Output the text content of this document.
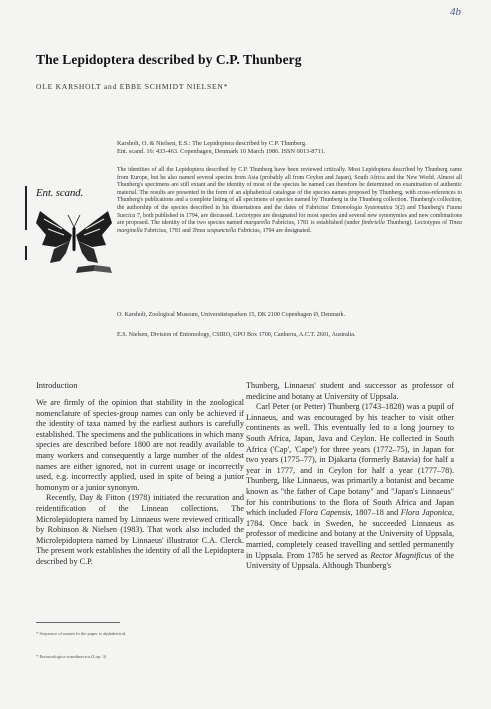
4b
The Lepidoptera described by C.P. Thunberg
OLE KARSHOLT and EBBE SCHMIDT NIELSEN*
Karsholt, O. & Nielsen, E.S.: The Lepidoptera described by C.P. Thunberg.
Ent. scand. 16: 433-463. Copenhagen, Denmark 10 March 1986. ISSN 0013-8711.
Ent. scand.
The identities of all the Lepidoptera described by C.P. Thunberg have been reviewed critically. Most Lepidoptera described by Thunberg came from Europe, but he also named several species from Asia (probably all from Ceylon and Japan), South Africa and the New World. Almost all Thunberg's specimens are still extant and the identity of most of the species he named can therefore be determined on examination of authentic material. The results are presented in the form of an alphabetical catalogue of the species names proposed by Thunberg, with cross-references to Thunberg's publications and a complete listing of all specimens of species named by Thunberg in the Thunberg collection. Thunberg's collection, the authorship of the species described in his dissertations and the dates of Fabricius' Entomologia Systematica 3(2) and Thunberg's Fauna Suecica 7, both published in 1794, are discussed. Lectotypes are designated for most species and several new synonymies and new combinations are proposed. The identity of the two species named margarella Fabricius, 1781 is established (under fimbriella Thunberg). Lectotypes of Tinea marginella Fabricius, 1781 and Tinea sexpunctella Fabricius, 1794 are designated.
O. Karsholt, Zoological Museum, Universitetsparken 15, DK 2100 Copenhagen Ø, Denmark.
E.S. Nielsen, Division of Entomology, CSIRO, GPO Box 1700, Canberra, A.C.T. 2601, Australia.
Introduction

We are firmly of the opinion that stability in the zoological nomenclature of species-group names can only be achieved if the identity of taxa named by the earliest authors is carefully established. The specimens and the publications in which many species are described before 1800 are not readily available to many workers and consequently a large number of the oldest names are either ignored, not in current usage or incorrectly used, e.g. incorrectly applied, used in spite of being a junior homonym or a junior synonym.

Recently, Day & Fitton (1978) initiated the recuration and reidentification of the Linnean collections. The Microlepidoptera named by Linnaeus were reviewed critically by Robinson & Nielsen (1983). That work also included the Microlepidoptera named by Linnaeus' illustrator C.A. Clerck. The present work establishes the identity of all the Lepidoptera described by C.P.

Thunberg, Linnaeus' student and successor as professor of medicine and botany at University of Uppsala.

Carl Peter (or Petter) Thunberg (1743–1828) was a pupil of Linnaeus, and was encouraged by his teacher to visit other continents as well. This eventually led to a long journey to South Africa, Japan, Java and Ceylon. He collected in South Africa ('Cap', 'Cape') for three years (1772–75), in Japan for two years (1775–77), in Djakarta (formerly Batavia) for half a year in 1777, and in Ceylon for half a year (1777–78). Thunberg, like Linnaeus, was primarily a botanist and became known as "the father of Cape botany" and "Japan's Linnaeus" for his contributions to the flora of South Africa and Japan which included Flora Capensis, 1807–18 and Flora Japonica, 1784. Once back in Sweden, he succeeded Linnaeus as professor of medicine and botany at the University of Uppsala, married, completely ceased travelling and settled permanently in Uppsala. From 1785 he served as Rector Magnificus of the University of Uppsala. Although Thunberg's

* Sequence of names in the paper is alphabetical.
* Entomologica scandinavica (Lop. 3)
